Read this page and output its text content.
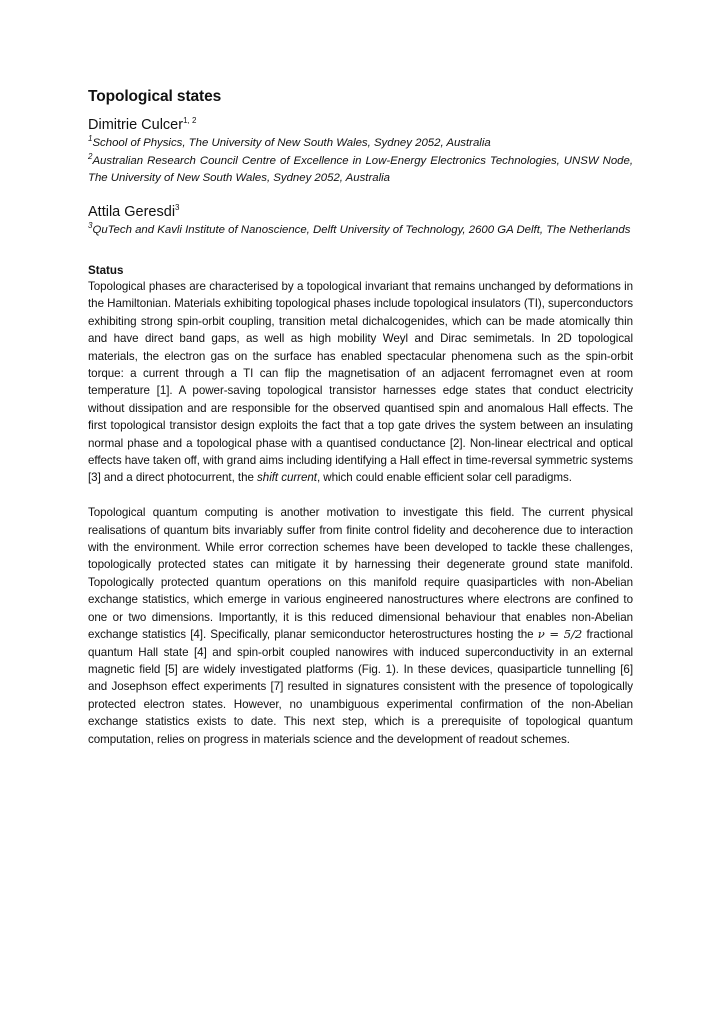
Topological states

Dimitrie Culcer$^{1, 2}$

$^1$School of Physics, The University of New South Wales, Sydney 2052, Australia

$^2$Australian Research Council Centre of Excellence in Low-Energy Electronics Technologies, UNSW Node, The University of New South Wales, Sydney 2052, Australia

Attila Geresdi$^3$

$^3$QuTech and Kavli Institute of Nanoscience, Delft University of Technology, 2600 GA Delft, The Netherlands

Status

Topological phases are characterised by a topological invariant that remains unchanged by deformations in the Hamiltonian. Materials exhibiting topological phases include topological insulators (TI), superconductors exhibiting strong spin-orbit coupling, transition metal dichalcogenides, which can be made atomically thin and have direct band gaps, as well as high mobility Weyl and Dirac semimetals. In 2D topological materials, the electron gas on the surface has enabled spectacular phenomena such as the spin-orbit torque: a current through a TI can flip the magnetisation of an adjacent ferromagnet even at room temperature [1]. A power-saving topological transistor harnesses edge states that conduct electricity without dissipation and are responsible for the observed quantised spin and anomalous Hall effects. The first topological transistor design exploits the fact that a top gate drives the system between an insulating normal phase and a topological phase with a quantised conductance [2]. Non-linear electrical and optical effects have taken off, with grand aims including identifying a Hall effect in time-reversal symmetric systems [3] and a direct photocurrent, the shift current, which could enable efficient solar cell paradigms.

Topological quantum computing is another motivation to investigate this field. The current physical realisations of quantum bits invariably suffer from finite control fidelity and decoherence due to interaction with the environment. While error correction schemes have been developed to tackle these challenges, topologically protected states can mitigate it by harnessing their degenerate ground state manifold. Topologically protected quantum operations on this manifold require quasiparticles with non-Abelian exchange statistics, which emerge in various engineered nanostructures where electrons are confined to one or two dimensions. Importantly, it is this reduced dimensional behaviour that enables non-Abelian exchange statistics [4]. Specifically, planar semiconductor heterostructures hosting the ν = 5/2 fractional quantum Hall state [4] and spin-orbit coupled nanowires with induced superconductivity in an external magnetic field [5] are widely investigated platforms (Fig. 1). In these devices, quasiparticle tunnelling [6] and Josephson effect experiments [7] resulted in signatures consistent with the presence of topologically protected electron states. However, no unambiguous experimental confirmation of the non-Abelian exchange statistics exists to date. This next step, which is a prerequisite of topological quantum computation, relies on progress in materials science and the development of readout schemes.
